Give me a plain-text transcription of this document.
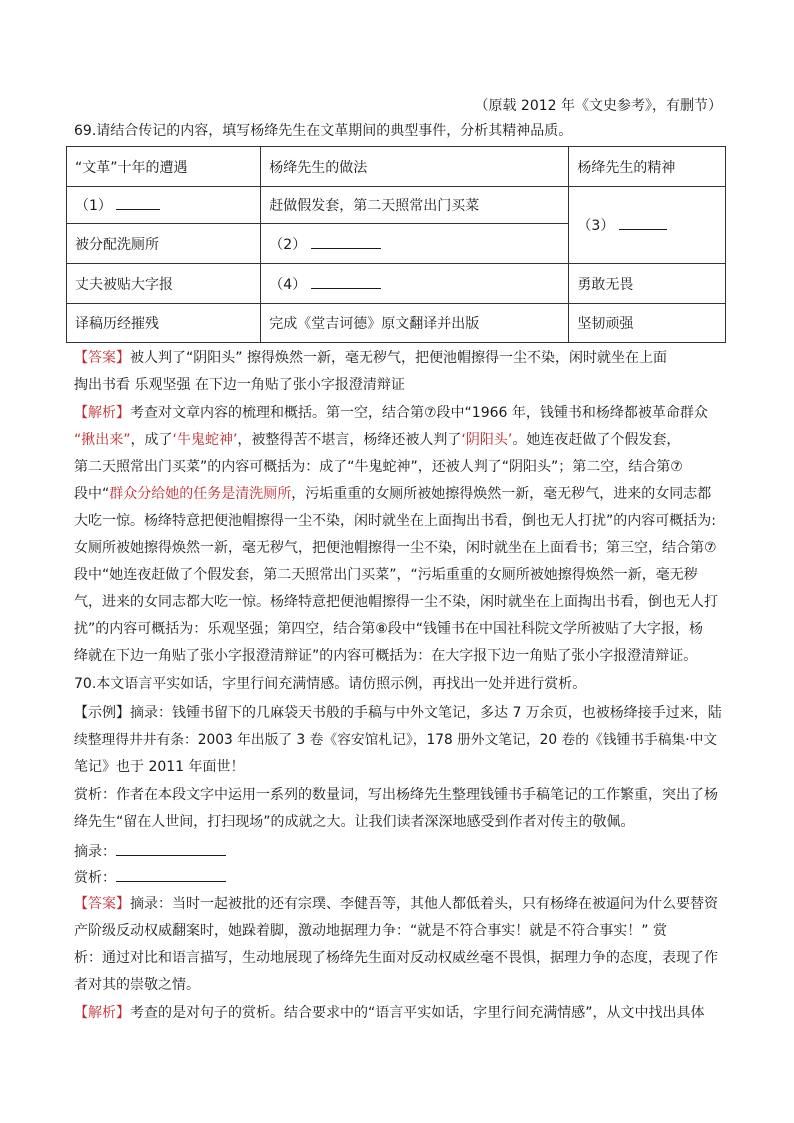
（原载 2012 年《文史参考》，有删节）
69.请结合传记的内容，填写杨绛先生在文革期间的典型事件，分析其精神品质。
“文革”十年的遭遇	杨绛先生的做法	杨绛先生的精神
（1）	赶做假发套，第二天照常出门买菜	（3）
被分配洗厕所	（2）	
丈夫被贴大字报	（4）	勇敢无畏
译稿历经摧残	完成《堂吉诃德》原文翻译并出版	坚韧顽强
【答案】被人判了“阴阳头” 擦得焕然一新，毫无秽气，把便池帽擦得一尘不染，闲时就坐在上面
掏出书看 乐观坚强 在下边一角贴了张小字报澄清辩证
【解析】考查对文章内容的梳理和概括。第一空，结合第⑦段中“1966 年，钱锺书和杨绛都被革命群众
“揪出来”，成了‘牛鬼蛇神’，被整得苦不堪言，杨绛还被人判了‘阴阳头’。她连夜赶做了个假发套，
第二天照常出门买菜”的内容可概括为：成了“牛鬼蛇神”，还被人判了“阴阳头”；第二空，结合第⑦
段中“群众分给她的任务是清洗厕所，污垢重重的女厕所被她擦得焕然一新，毫无秽气，进来的女同志都
大吃一惊。杨绛特意把便池帽擦得一尘不染，闲时就坐在上面掏出书看，倒也无人打扰”的内容可概括为:
女厕所被她擦得焕然一新，毫无秽气，把便池帽擦得一尘不染，闲时就坐在上面看书；第三空，结合第⑦
段中“她连夜赶做了个假发套，第二天照常出门买菜”，“污垢重重的女厕所被她擦得焕然一新，毫无秽
气，进来的女同志都大吃一惊。杨绛特意把便池帽擦得一尘不染，闲时就坐在上面掏出书看，倒也无人打
扰”的内容可概括为：乐观坚强；第四空，结合第⑧段中“钱锺书在中国社科院文学所被贴了大字报，杨
绛就在下边一角贴了张小字报澄清辩证”的内容可概括为：在大字报下边一角贴了张小字报澄清辩证。
70.本文语言平实如话，字里行间充满情感。请仿照示例，再找出一处并进行赏析。
【示例】摘录：钱锺书留下的几麻袋天书般的手稿与中外文笔记，多达 7 万余页，也被杨绛接手过来，陆
续整理得井井有条：2003 年出版了 3 卷《容安馆札记》，178 册外文笔记，20 卷的《钱锺书手稿集·中文
笔记》也于 2011 年面世！
赏析：作者在本段文字中运用一系列的数量词，写出杨绛先生整理钱锺书手稿笔记的工作繁重，突出了杨
绛先生“留在人世间，打扫现场”的成就之大。让我们读者深深地感受到作者对传主的敬佩。
摘录：
赏析：
【答案】摘录：当时一起被批的还有宗璞、李健吾等，其他人都低着头，只有杨绛在被逼问为什么要替资
产阶级反动权威翻案时，她跺着脚，激动地据理力争：“就是不符合事实！就是不符合事实！” 赏
析：通过对比和语言描写，生动地展现了杨绛先生面对反动权威丝毫不畏惧，据理力争的态度，表现了作
者对其的崇敬之情。
【解析】考查的是对句子的赏析。结合要求中的“语言平实如话，字里行间充满情感”，从文中找出具体
